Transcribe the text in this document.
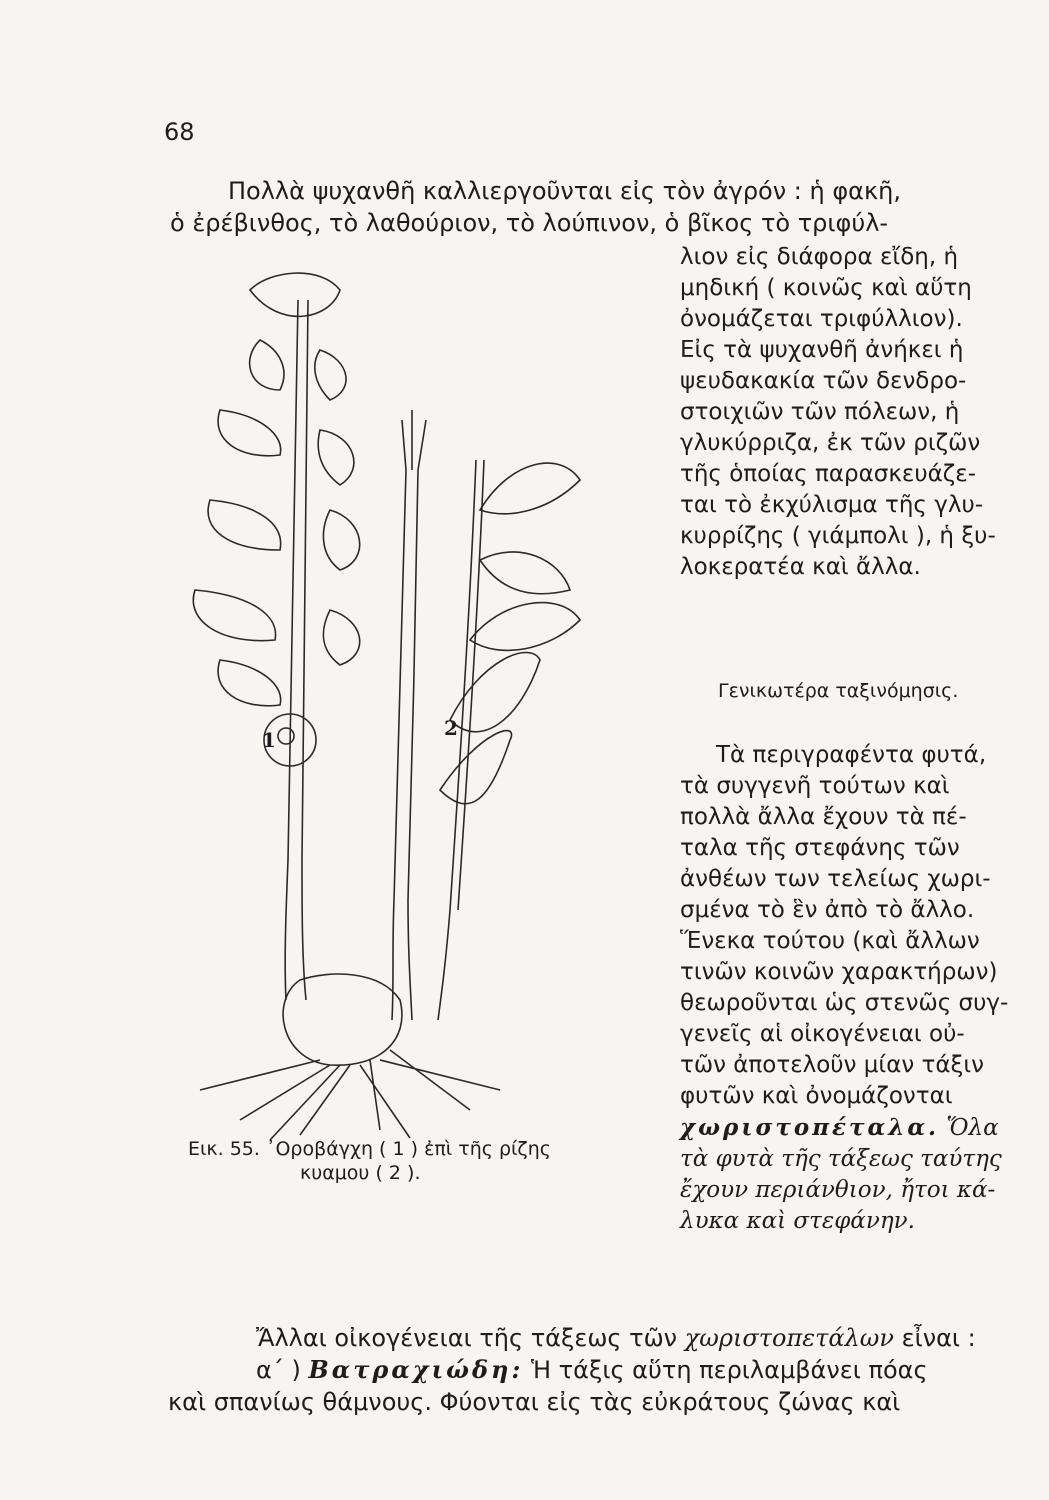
68
Πολλὰ ψυχανθῆ καλλιεργοῦνται εἰς τὸν ἀγρόν : ἡ φακῆ,
ὁ ἐρέβινθος, τὸ λαθούριον, τὸ λούπινον, ὁ βῖκος τὸ τριφύλ-
λιον εἰς διάφορα εἴδη, ἡ
μηδική ( κοινῶς καὶ αὕτη
ὀνομάζεται τριφύλλιον).
Εἰς τὰ ψυχανθῆ ἀνήκει ἡ
ψευδακακία τῶν δενδρο-
στοιχιῶν τῶν πόλεων, ἡ
γλυκύρριζα, ἐκ τῶν ριζῶν
τῆς ὁποίας παρασκευάζε-
ται τὸ ἐκχύλισμα τῆς γλυ-
κυρρίζης ( γιάμπολι ), ἡ ξυ-
λοκερατέα καὶ ἄλλα.
Γενικωτέρα ταξινόμησις.
Τὰ περιγραφέντα φυτά,
τὰ συγγενῆ τούτων καὶ
πολλὰ ἄλλα ἔχουν τὰ πέ-
ταλα τῆς στεφάνης τῶν
ἀνθέων των τελείως χωρι-
σμένα τὸ ἓν ἀπὸ τὸ ἄλλο.
Ἕνεκα τούτου (καὶ ἄλλων
τινῶν κοινῶν χαρακτήρων)
θεωροῦνται ὡς στενῶς συγ-
γενεῖς αἱ οἰκογένειαι οὐ-
τῶν ἀποτελοῦν μίαν τάξιν
φυτῶν καὶ ὀνομάζονται
χωριστοπέταλα. Ὅλα
τὰ φυτὰ τῆς τάξεως ταύτης
ἔχουν περιάνθιον, ἤτοι κά-
λυκα καὶ στεφάνην.
1	2
Εικ. 55. ᾿Οροβάγχη ( 1 ) ἐπὶ τῆς ρίζης
κυαμου ( 2 ).
Ἄλλαι οἰκογένειαι τῆς τάξεως τῶν χωριστοπετάλων εἶναι :
α΄ ) Βατραχιώδη: Ἡ τάξις αὕτη περιλαμβάνει πόας
καὶ σπανίως θάμνους. Φύονται εἰς τὰς εὐκράτους ζώνας καὶ
